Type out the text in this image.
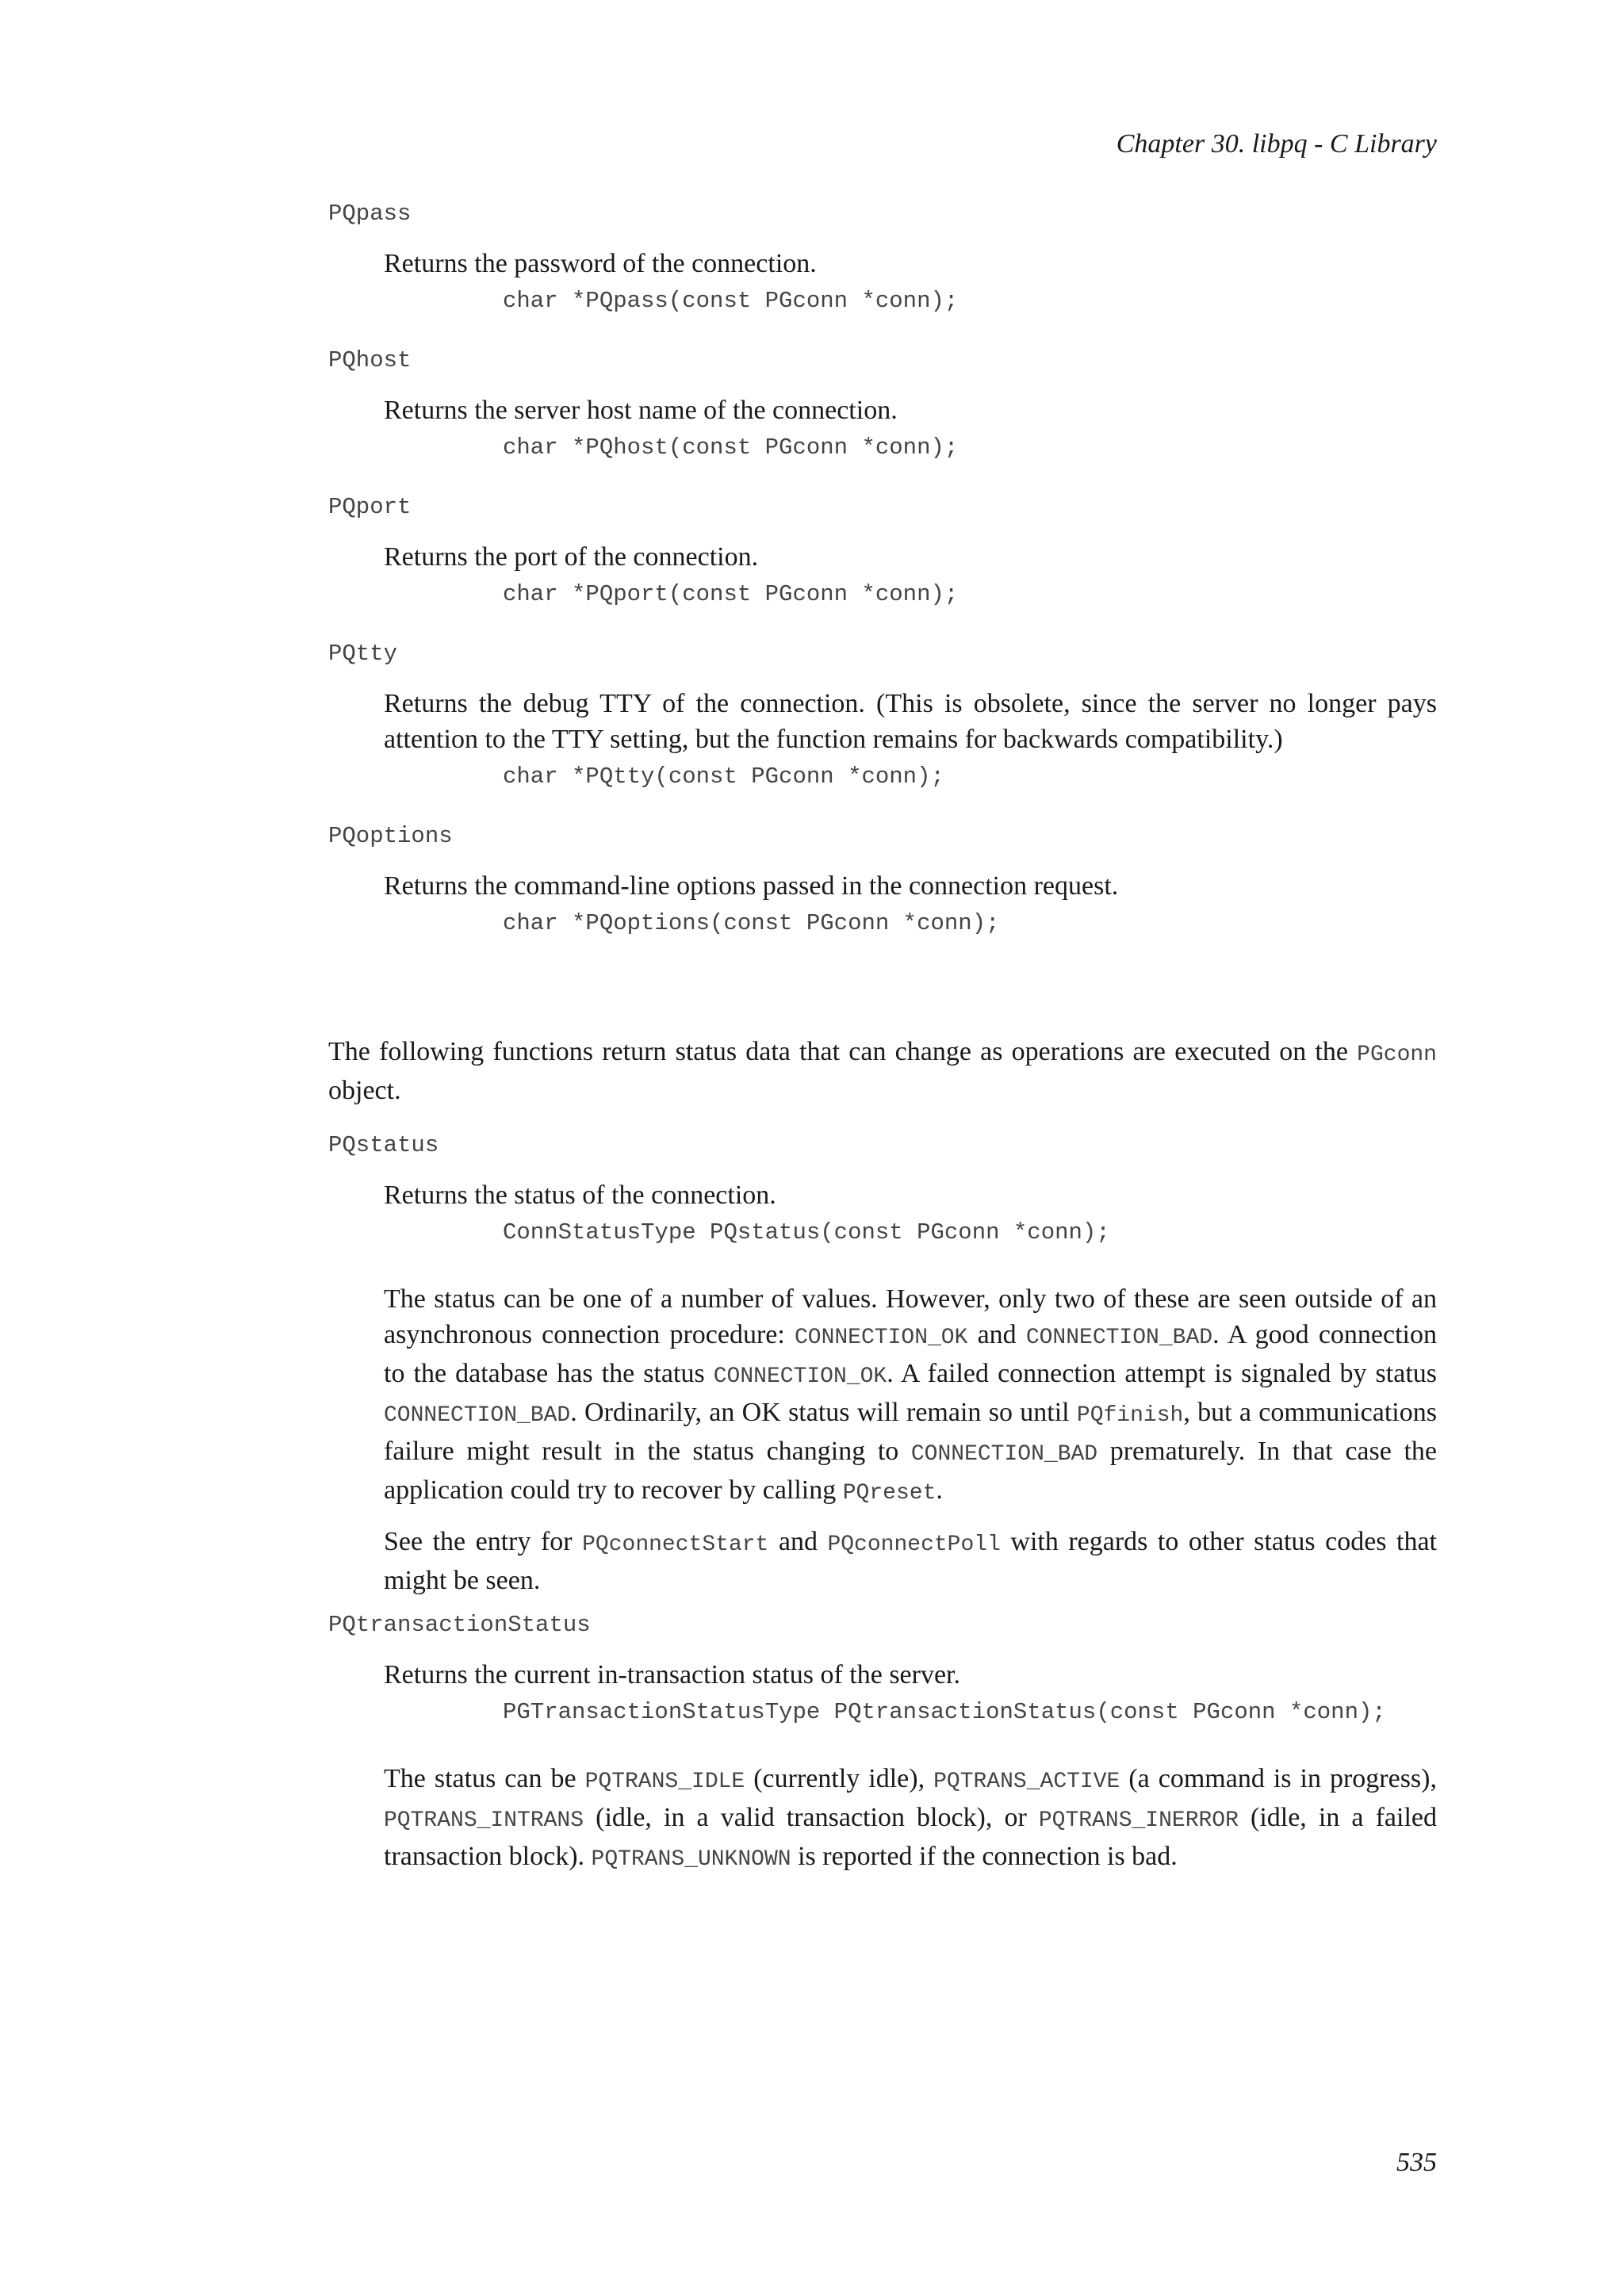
Chapter 30. libpq - C Library
PQpass
Returns the password of the connection.
char *PQpass(const PGconn *conn);
PQhost
Returns the server host name of the connection.
char *PQhost(const PGconn *conn);
PQport
Returns the port of the connection.
char *PQport(const PGconn *conn);
PQtty
Returns the debug TTY of the connection. (This is obsolete, since the server no longer pays attention to the TTY setting, but the function remains for backwards compatibility.)
char *PQtty(const PGconn *conn);
PQoptions
Returns the command-line options passed in the connection request.
char *PQoptions(const PGconn *conn);
The following functions return status data that can change as operations are executed on the PGconn object.
PQstatus
Returns the status of the connection.
ConnStatusType PQstatus(const PGconn *conn);
The status can be one of a number of values. However, only two of these are seen outside of an asynchronous connection procedure: CONNECTION_OK and CONNECTION_BAD. A good connection to the database has the status CONNECTION_OK. A failed connection attempt is signaled by status CONNECTION_BAD. Ordinarily, an OK status will remain so until PQfinish, but a communications failure might result in the status changing to CONNECTION_BAD prematurely. In that case the application could try to recover by calling PQreset.
See the entry for PQconnectStart and PQconnectPoll with regards to other status codes that might be seen.
PQtransactionStatus
Returns the current in-transaction status of the server.
PGTransactionStatusType PQtransactionStatus(const PGconn *conn);
The status can be PQTRANS_IDLE (currently idle), PQTRANS_ACTIVE (a command is in progress), PQTRANS_INTRANS (idle, in a valid transaction block), or PQTRANS_INERROR (idle, in a failed transaction block). PQTRANS_UNKNOWN is reported if the connection is bad.
535
